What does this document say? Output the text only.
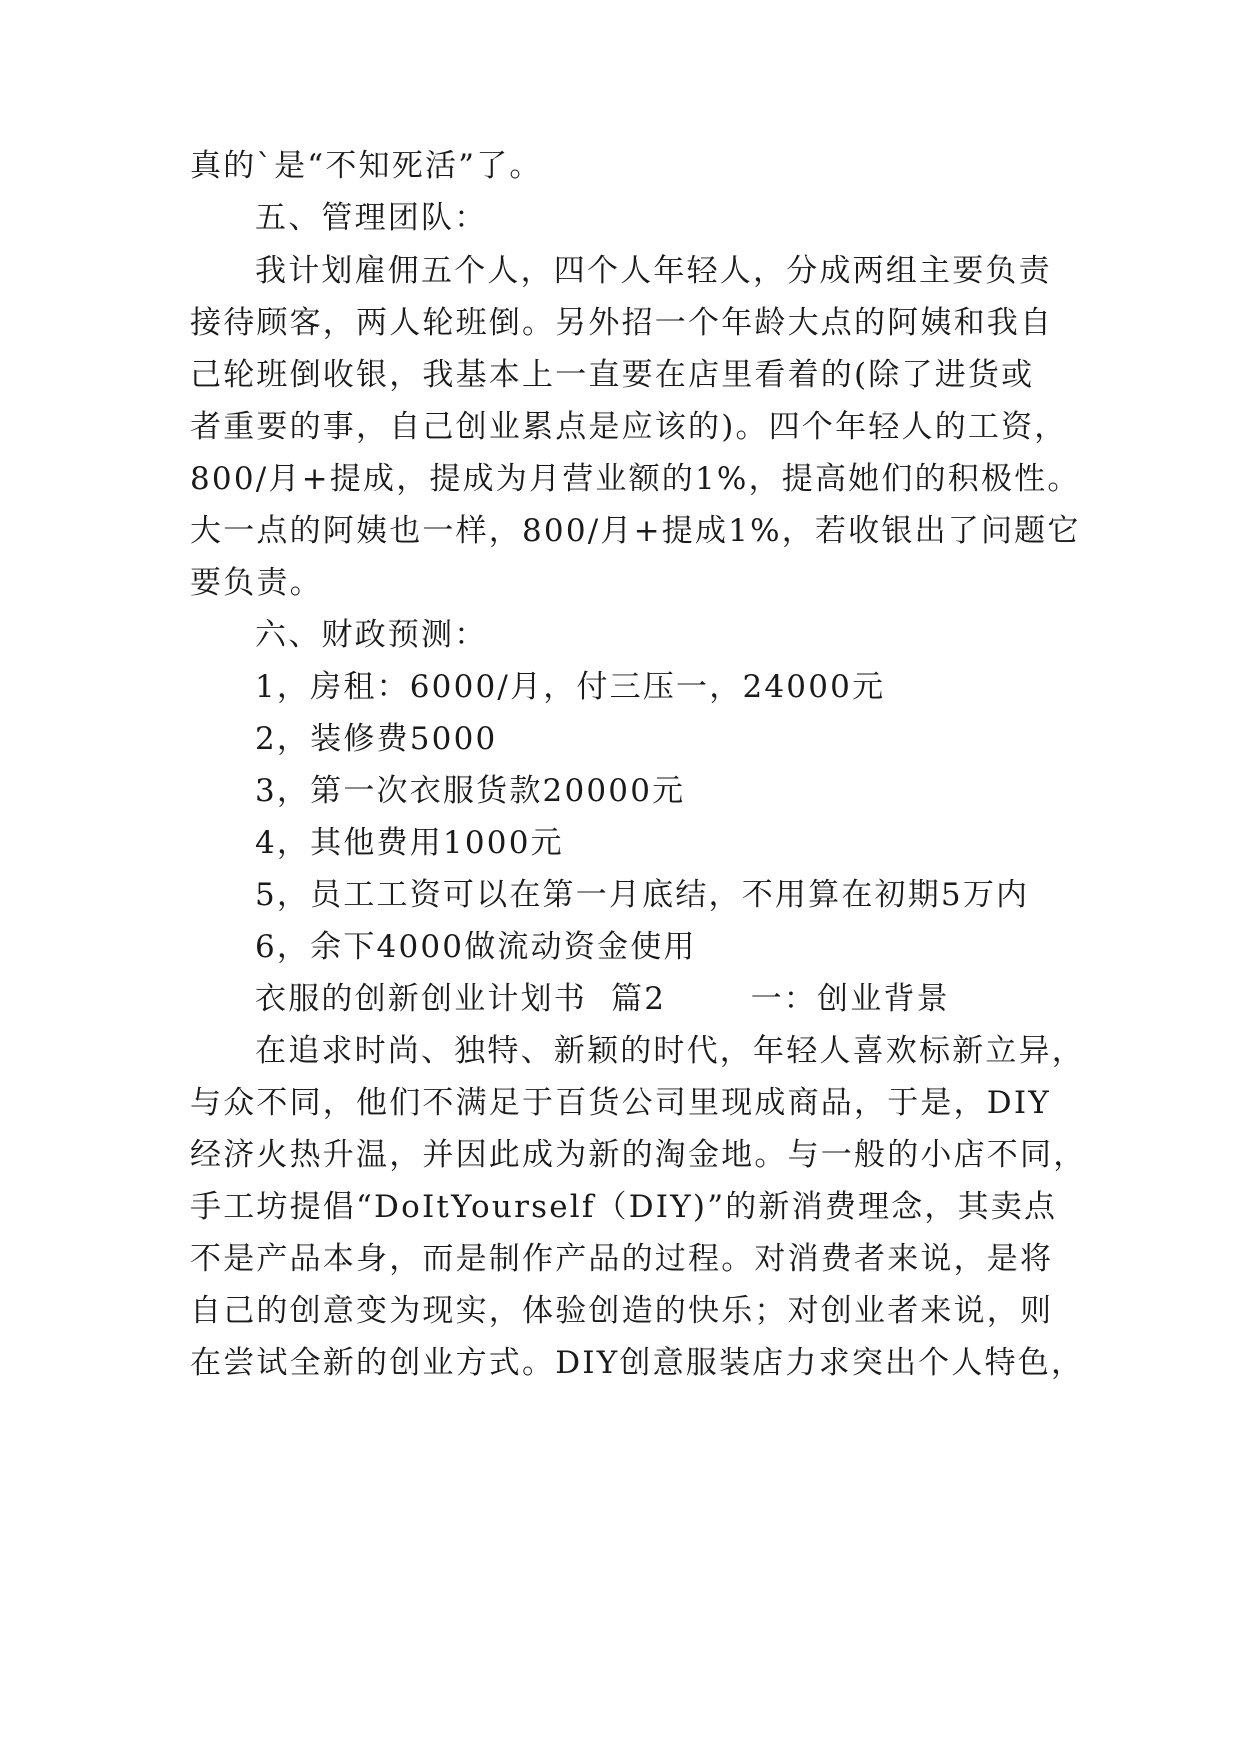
真的`是“不知死活”了。
五、管理团队：
我计划雇佣五个人，四个人年轻人，分成两组主要负责
接待顾客，两人轮班倒。另外招一个年龄大点的阿姨和我自
己轮班倒收银，我基本上一直要在店里看着的(除了进货或
者重要的事，自己创业累点是应该的)。四个年轻人的工资，
800/月+提成，提成为月营业额的1%，提高她们的积极性。
大一点的阿姨也一样，800/月+提成1%，若收银出了问题它
要负责。
六、财政预测：
1，房租：6000/月，付三压一，24000元
2，装修费5000
3，第一次衣服货款20000元
4，其他费用1000元
5，员工工资可以在第一月底结，不用算在初期5万内
6，余下4000做流动资金使用
衣服的创新创业计划书  篇2       一：创业背景
在追求时尚、独特、新颖的时代，年轻人喜欢标新立异，
与众不同，他们不满足于百货公司里现成商品，于是，DIY
经济火热升温，并因此成为新的淘金地。与一般的小店不同，
手工坊提倡“DoItYourself（DIY)”的新消费理念，其卖点
不是产品本身，而是制作产品的过程。对消费者来说，是将
自己的创意变为现实，体验创造的快乐；对创业者来说，则
在尝试全新的创业方式。DIY创意服装店力求突出个人特色，
